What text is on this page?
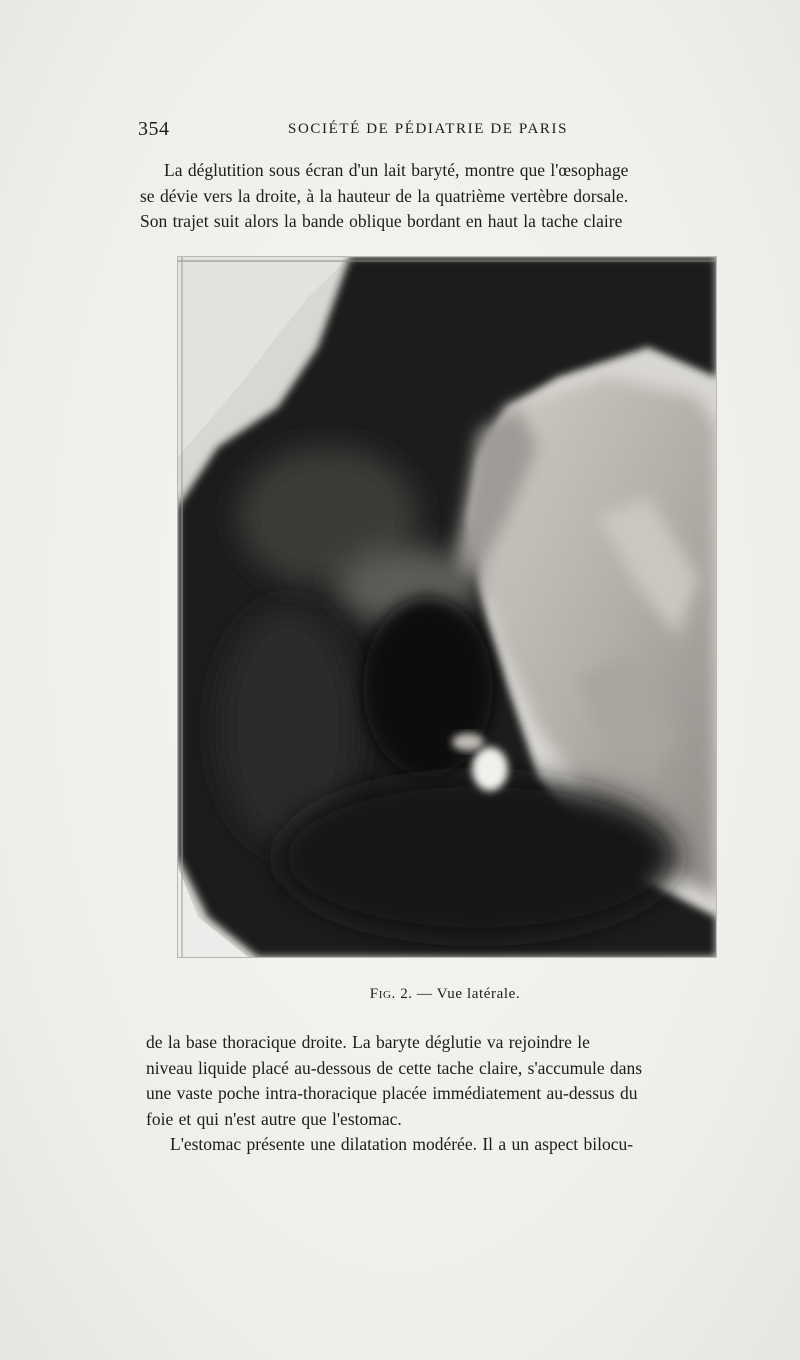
354	SOCIÉTÉ DE PÉDIATRIE DE PARIS
La déglutition sous écran d'un lait baryté, montre que l'œsophage
se dévie vers la droite, à la hauteur de la quatrième vertèbre dorsale.
Son trajet suit alors la bande oblique bordant en haut la tache claire
Fig. 2. — Vue latérale.
de la base thoracique droite. La baryte déglutie va rejoindre le
niveau liquide placé au-dessous de cette tache claire, s'accumule dans
une vaste poche intra-thoracique placée immédiatement au-dessus du
foie et qui n'est autre que l'estomac.
L'estomac présente une dilatation modérée. Il a un aspect bilocu-
